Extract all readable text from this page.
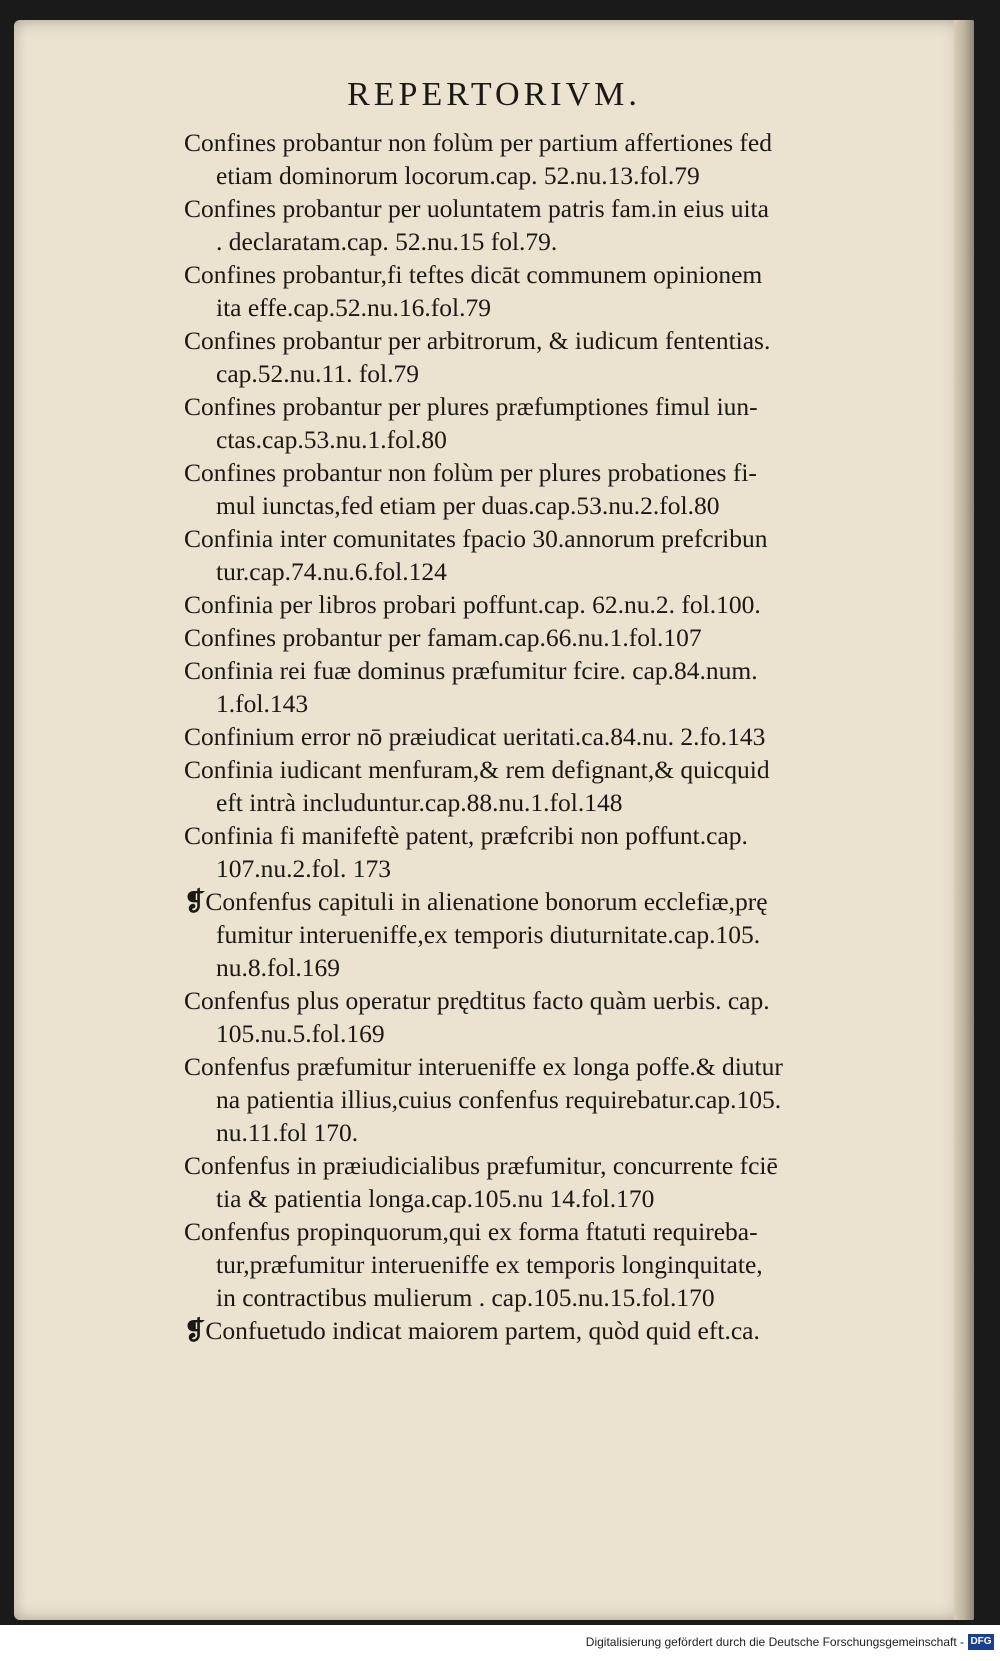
REPERTORIVM.
Confines probantur non folùm per partium affertiones fed
etiam dominorum locorum.cap. 52.nu.13.fol.79
Confines probantur per uoluntatem patris fam.in eius uita
. declaratam.cap. 52.nu.15 fol.79.
Confines probantur,fi teftes dicāt communem opinionem
ita effe.cap.52.nu.16.fol.79
Confines probantur per arbitrorum, & iudicum fententias.
cap.52.nu.11. fol.79
Confines probantur per plures præfumptiones fimul iun-
ctas.cap.53.nu.1.fol.80
Confines probantur non folùm per plures probationes fi-
mul iunctas,fed etiam per duas.cap.53.nu.2.fol.80
Confinia inter comunitates fpacio 30.annorum prefcribun
tur.cap.74.nu.6.fol.124
Confinia per libros probari poffunt.cap. 62.nu.2. fol.100.
Confines probantur per famam.cap.66.nu.1.fol.107
Confinia rei fuæ dominus præfumitur fcire. cap.84.num.
1.fol.143
Confinium error nō præiudicat ueritati.ca.84.nu. 2.fo.143
Confinia iudicant menfuram,& rem defignant,& quicquid
eft intrà includuntur.cap.88.nu.1.fol.148
Confinia fi manifeftè patent, præfcribi non poffunt.cap.
107.nu.2.fol. 173
❡Confenfus capituli in alienatione bonorum ecclefiæ,prę
fumitur interueniffe,ex temporis diuturnitate.cap.105.
nu.8.fol.169
Confenfus plus operatur prędtitus facto quàm uerbis. cap.
105.nu.5.fol.169
Confenfus præfumitur interueniffe ex longa poffe.& diutur
na patientia illius,cuius confenfus requirebatur.cap.105.
nu.11.fol 170.
Confenfus in præiudicialibus præfumitur, concurrente fciē
tia & patientia longa.cap.105.nu 14.fol.170
Confenfus propinquorum,qui ex forma ftatuti requireba-
tur,præfumitur interueniffe ex temporis longinquitate,
in contractibus mulierum . cap.105.nu.15.fol.170
❡Confuetudo indicat maiorem partem, quòd quid eft.ca.
Digitalisierung gefördert durch die Deutsche Forschungsgemeinschaft - DFG
